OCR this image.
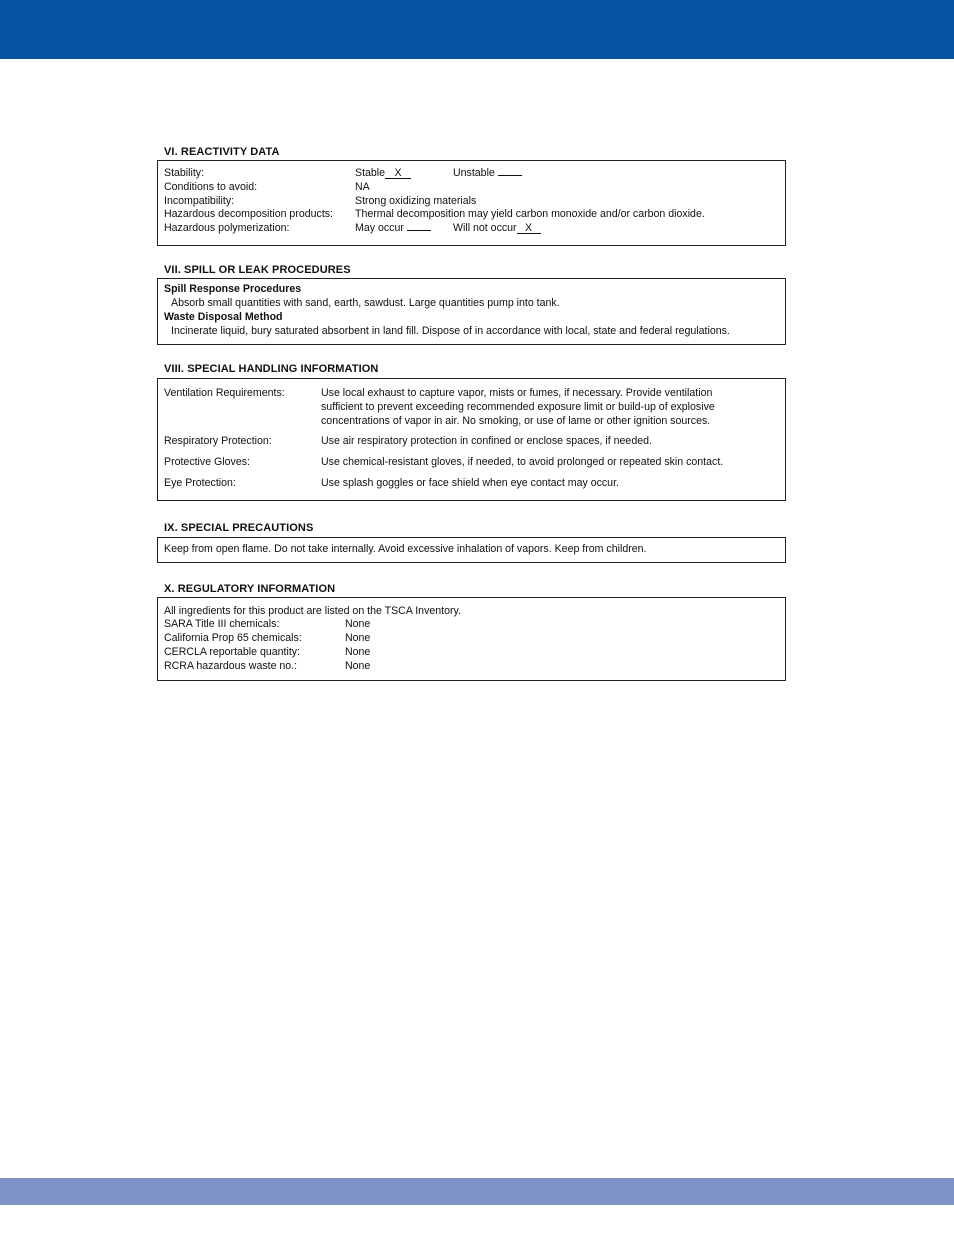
VI. REACTIVITY DATA
Stability:	Stable X	Unstable
Conditions to avoid:	NA
Incompatibility:	Strong oxidizing materials
Hazardous decomposition products: Thermal decomposition may yield carbon monoxide and/or carbon dioxide.
Hazardous polymerization:	May occur	Will not occur X
VII. SPILL OR LEAK PROCEDURES
Spill Response Procedures
Absorb small quantities with sand, earth, sawdust. Large quantities pump into tank.
Waste Disposal Method
Incinerate liquid, bury saturated absorbent in land fill. Dispose of in accordance with local, state and federal regulations.
VIII. SPECIAL HANDLING INFORMATION
Ventilation Requirements:	Use local exhaust to capture vapor, mists or fumes, if necessary. Provide ventilation
sufficient to prevent exceeding recommended exposure limit or build-up of explosive
concentrations of vapor in air. No smoking, or use of lame or other ignition sources.
Respiratory Protection:	Use air respiratory protection in confined or enclose spaces, if needed.
Protective Gloves:	Use chemical-resistant gloves, if needed, to avoid prolonged or repeated skin contact.
Eye Protection:	Use splash goggles or face shield when eye contact may occur.
IX. SPECIAL PRECAUTIONS
Keep from open flame. Do not take internally. Avoid excessive inhalation of vapors. Keep from children.
X. REGULATORY INFORMATION
All ingredients for this product are listed on the TSCA Inventory.
SARA Title III chemicals:	None
California Prop 65 chemicals:	None
CERCLA reportable quantity:	None
RCRA hazardous waste no.:	None
